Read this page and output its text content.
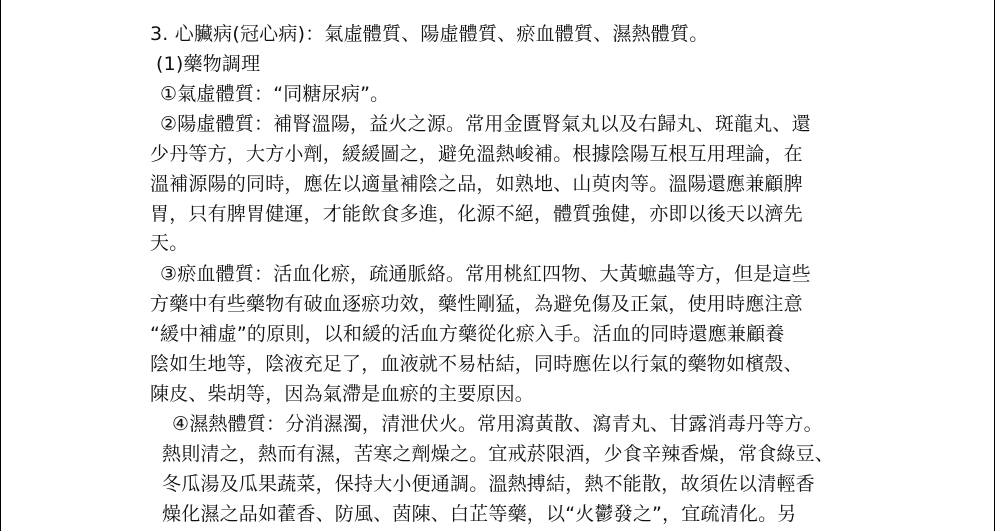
3. 心臟病(冠心病)：氣虛體質、陽虛體質、瘀血體質、濕熱體質。
(1)藥物調理
①氣虛體質：“同糖尿病”。
②陽虛體質：補腎溫陽，益火之源。常用金匱腎氣丸以及右歸丸、斑龍丸、還
少丹等方，大方小劑，緩緩圖之，避免溫熱峻補。根據陰陽互根互用理論，在
溫補源陽的同時，應佐以適量補陰之品，如熟地、山萸肉等。溫陽還應兼顧脾
胃，只有脾胃健運，才能飲食多進，化源不絕，體質強健，亦即以後天以濟先
天。
③瘀血體質：活血化瘀，疏通脈絡。常用桃紅四物、大黃蟅蟲等方，但是這些
方藥中有些藥物有破血逐瘀功效，藥性剛猛，為避免傷及正氣，使用時應注意
“緩中補虛”的原則，以和緩的活血方藥從化瘀入手。活血的同時還應兼顧養
陰如生地等，陰液充足了，血液就不易枯結，同時應佐以行氣的藥物如檳殼、
陳皮、柴胡等，因為氣滯是血瘀的主要原因。
④濕熱體質：分消濕濁，清泄伏火。常用瀉黃散、瀉青丸、甘露消毒丹等方。
熱則清之，熱而有濕，苦寒之劑燥之。宜戒菸限酒，少食辛辣香燥，常食綠豆、
冬瓜湯及瓜果蔬菜，保持大小便通調。溫熱搏結，熱不能散，故須佐以清輕香
燥化濕之品如藿香、防風、茵陳、白芷等藥，以“火鬱發之”，宜疏清化。另
